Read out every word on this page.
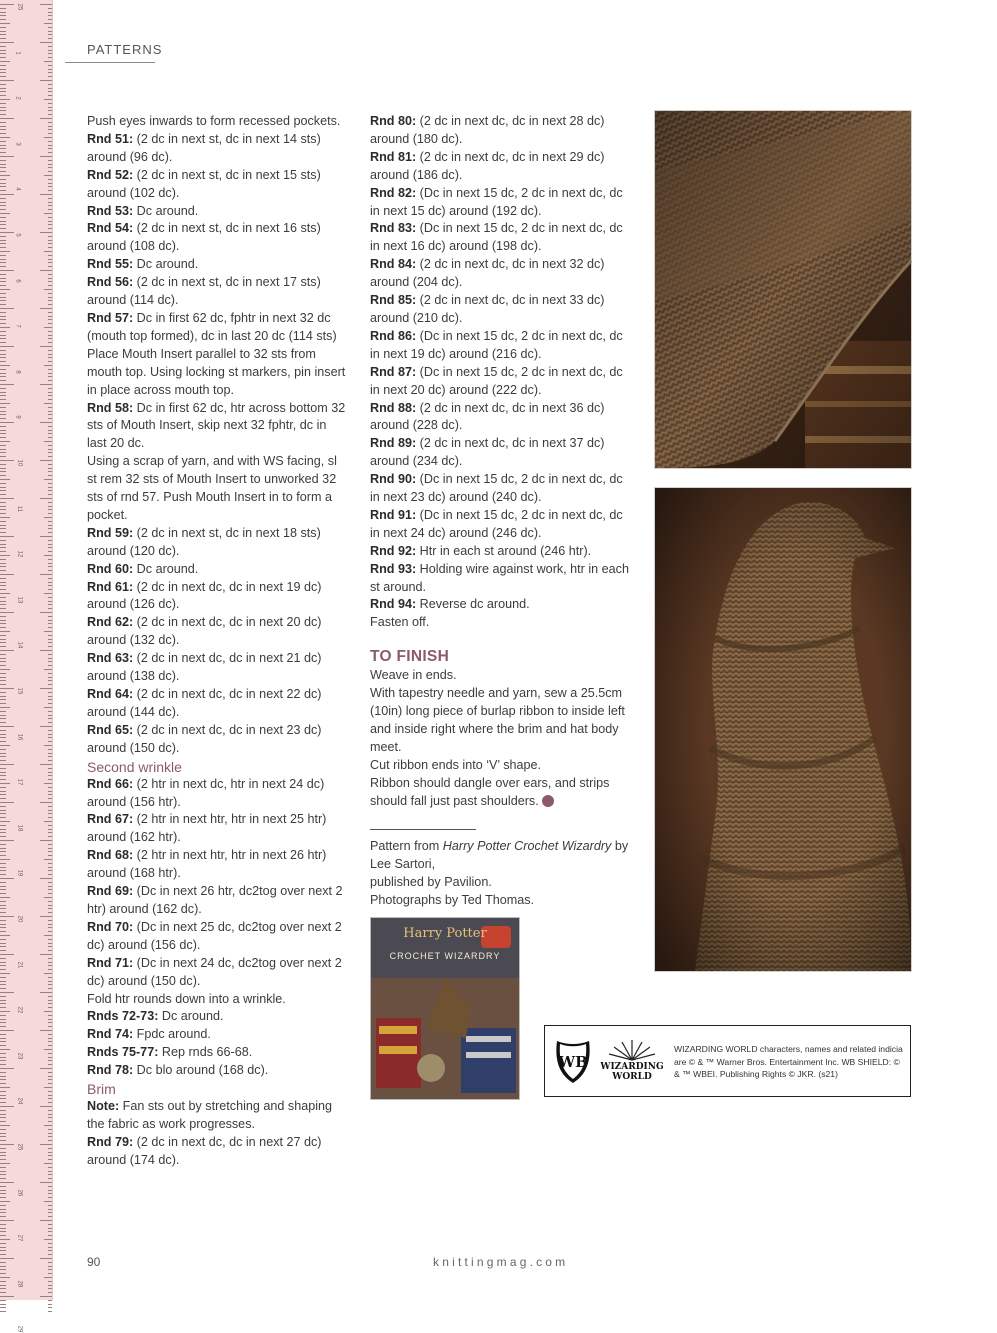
25
1
2
3
4
5
6
7
8
9
10
11
12
13
14
15
16
17
18
19
20
21
22
23
24
25
26
27
28
29
PATTERNS

Push eyes inwards to form recessed pockets.

Rnd 51: (2 dc in next st, dc in next 14 sts) around (96 dc).

Rnd 52: (2 dc in next st, dc in next 15 sts) around (102 dc).

Rnd 53: Dc around.

Rnd 54: (2 dc in next st, dc in next 16 sts) around (108 dc).

Rnd 55: Dc around.

Rnd 56: (2 dc in next st, dc in next 17 sts) around (114 dc).

Rnd 57: Dc in first 62 dc, fphtr in next 32 dc (mouth top formed), dc in last 20 dc (114 sts)

Place Mouth Insert parallel to 32 sts from mouth top. Using locking st markers, pin insert in place across mouth top.

Rnd 58: Dc in first 62 dc, htr across bottom 32 sts of Mouth Insert, skip next 32 fphtr, dc in last 20 dc.

Using a scrap of yarn, and with WS facing, sl st rem 32 sts of Mouth Insert to unworked 32 sts of rnd 57. Push Mouth Insert in to form a pocket.

Rnd 59: (2 dc in next st, dc in next 18 sts) around (120 dc).

Rnd 60: Dc around.

Rnd 61: (2 dc in next dc, dc in next 19 dc) around (126 dc).

Rnd 62: (2 dc in next dc, dc in next 20 dc) around (132 dc).

Rnd 63: (2 dc in next dc, dc in next 21 dc) around (138 dc).

Rnd 64: (2 dc in next dc, dc in next 22 dc) around (144 dc).

Rnd 65: (2 dc in next dc, dc in next 23 dc) around (150 dc).

Second wrinkle

Rnd 66: (2 htr in next dc, htr in next 24 dc) around (156 htr).

Rnd 67: (2 htr in next htr, htr in next 25 htr) around (162 htr).

Rnd 68: (2 htr in next htr, htr in next 26 htr) around (168 htr).

Rnd 69: (Dc in next 26 htr, dc2tog over next 2 htr) around (162 dc).

Rnd 70: (Dc in next 25 dc, dc2tog over next 2 dc) around (156 dc).

Rnd 71: (Dc in next 24 dc, dc2tog over next 2 dc) around (150 dc).

Fold htr rounds down into a wrinkle.

Rnds 72-73: Dc around.

Rnd 74: Fpdc around.

Rnds 75-77: Rep rnds 66-68.

Rnd 78: Dc blo around (168 dc).

Brim

Note: Fan sts out by stretching and shaping the fabric as work progresses.

Rnd 79: (2 dc in next dc, dc in next 27 dc) around (174 dc).

Rnd 80: (2 dc in next dc, dc in next 28 dc) around (180 dc).

Rnd 81: (2 dc in next dc, dc in next 29 dc) around (186 dc).

Rnd 82: (Dc in next 15 dc, 2 dc in next dc, dc in next 15 dc) around (192 dc).

Rnd 83: (Dc in next 15 dc, 2 dc in next dc, dc in next 16 dc) around (198 dc).

Rnd 84: (2 dc in next dc, dc in next 32 dc) around (204 dc).

Rnd 85: (2 dc in next dc, dc in next 33 dc) around (210 dc).

Rnd 86: (Dc in next 15 dc, 2 dc in next dc, dc in next 19 dc) around (216 dc).

Rnd 87: (Dc in next 15 dc, 2 dc in next dc, dc in next 20 dc) around (222 dc).

Rnd 88: (2 dc in next dc, dc in next 36 dc) around (228 dc).

Rnd 89: (2 dc in next dc, dc in next 37 dc) around (234 dc).

Rnd 90: (Dc in next 15 dc, 2 dc in next dc, dc in next 23 dc) around (240 dc).

Rnd 91: (Dc in next 15 dc, 2 dc in next dc, dc in next 24 dc) around (246 dc).

Rnd 92: Htr in each st around (246 htr).

Rnd 93: Holding wire against work, htr in each st around.

Rnd 94: Reverse dc around.

Fasten off.

TO FINISH

Weave in ends.

With tapestry needle and yarn, sew a 25.5cm (10in) long piece of burlap ribbon to inside left and inside right where the brim and hat body meet.

Cut ribbon ends into ‘V’ shape.

Ribbon should dangle over ears, and strips should fall just past shoulders.

Pattern from Harry Potter Crochet Wizardry by Lee Sartori,

published by Pavilion.

Photographs by Ted Thomas.

Harry Potter
CROCHET WIZARDRY
WB WIZARDING WORLD
WIZARDING WORLD characters, names and related indicia are © & ™ Warner Bros. Entertainment Inc. WB SHIELD: © & ™ WBEI. Publishing Rights © JKR. (s21)
90	knittingmag.com
